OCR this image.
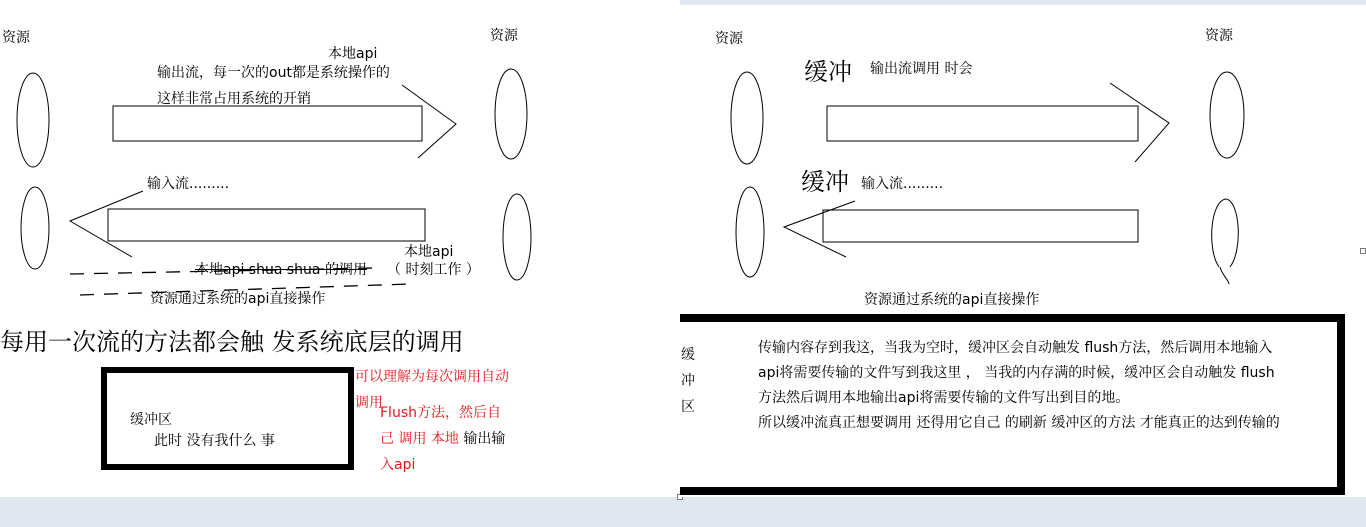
资源	资源
本地api
输出流，每一次的out都是系统操作的
这样非常占用系统的开销
输入流.........
本地api
本地api shua shua 的调用 （ 时刻工作 ）
资源通过系统的api直接操作
每用一次流的方法都会触 发系统底层的调用
缓冲区
此时 没有我什么 事
可以理解为每次调用自动
调用
Flush方法，然后自
己 调用 本地 输出输
入api
资源	资源
缓冲 输出流调用 时会
缓冲 输入流.........
资源通过系统的api直接操作
缓冲区
传输内容存到我这，当我为空时，缓冲区会自动触发 flush方法，然后调用本地输入
api将需要传输的文件写到我这里 ， 当我的内存满的时候，缓冲区会自动触发 flush
方法然后调用本地输出api将需要传输的文件写出到目的地。
所以缓冲流真正想要调用 还得用它自己 的刷新 缓冲区的方法 才能真正的达到传输的
